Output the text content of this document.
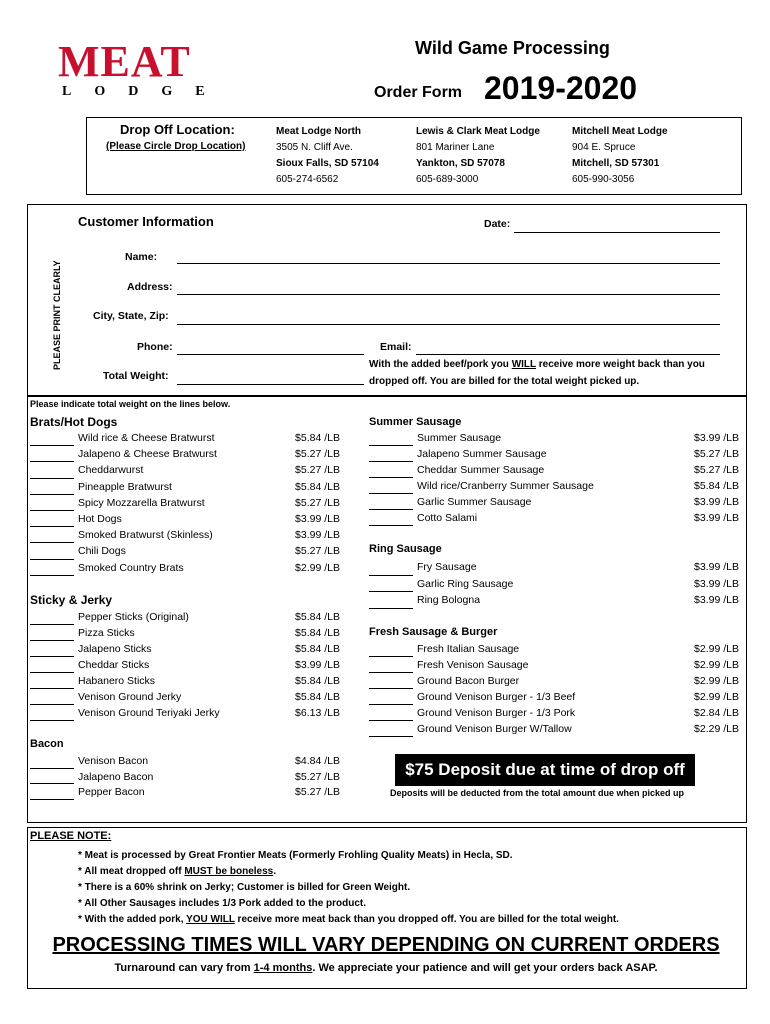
MEAT
LODGE
Wild Game Processing
Order Form 2019-2020
Drop Off Location:
(Please Circle Drop Location)
Meat Lodge North
3505 N. Cliff Ave.
Sioux Falls, SD 57104
605-274-6562
Lewis & Clark Meat Lodge
801 Mariner Lane
Yankton, SD 57078
605-689-3000
Mitchell Meat Lodge
904 E. Spruce
Mitchell, SD 57301
605-990-3056
PLEASE PRINT CLEARLY
Customer Information	Date:
Name:
Address:
City, State, Zip:
Phone:	Email:
Total Weight:
With the added beef/pork you WILL receive more weight back than you
dropped off. You are billed for the total weight picked up.
Please indicate total weight on the lines below.
Brats/Hot Dogs
Wild rice & Cheese Bratwurst	$5.84 /LB
Jalapeno & Cheese Bratwurst	$5.27 /LB
Cheddarwurst	$5.27 /LB
Pineapple Bratwurst	$5.84 /LB
Spicy Mozzarella Bratwurst	$5.27 /LB
Hot Dogs	$3.99 /LB
Smoked Bratwurst (Skinless)	$3.99 /LB
Chili Dogs	$5.27 /LB
Smoked Country Brats	$2.99 /LB
Sticky & Jerky
Pepper Sticks (Original)	$5.84 /LB
Pizza Sticks	$5.84 /LB
Jalapeno Sticks	$5.84 /LB
Cheddar Sticks	$3.99 /LB
Habanero Sticks	$5.84 /LB
Venison Ground Jerky	$5.84 /LB
Venison Ground Teriyaki Jerky	$6.13 /LB
Bacon
Venison Bacon	$4.84 /LB
Jalapeno Bacon	$5.27 /LB
Pepper Bacon	$5.27 /LB
Summer Sausage
Summer Sausage	$3.99 /LB
Jalapeno Summer Sausage	$5.27 /LB
Cheddar Summer Sausage	$5.27 /LB
Wild rice/Cranberry Summer Sausage	$5.84 /LB
Garlic Summer Sausage	$3.99 /LB
Cotto Salami	$3.99 /LB
Ring Sausage
Fry Sausage	$3.99 /LB
Garlic Ring Sausage	$3.99 /LB
Ring Bologna	$3.99 /LB
Fresh Sausage & Burger
Fresh Italian Sausage	$2.99 /LB
Fresh Venison Sausage	$2.99 /LB
Ground Bacon Burger	$2.99 /LB
Ground Venison Burger - 1/3 Beef	$2.99 /LB
Ground Venison Burger - 1/3 Pork	$2.84 /LB
Ground Venison Burger W/Tallow	$2.29 /LB
$75 Deposit due at time of drop off
Deposits will be deducted from the total amount due when picked up
PLEASE NOTE:
* Meat is processed by Great Frontier Meats (Formerly Frohling Quality Meats) in Hecla, SD.
* All meat dropped off MUST be boneless.
* There is a 60% shrink on Jerky; Customer is billed for Green Weight.
* All Other Sausages includes 1/3 Pork added to the product.
* With the added pork, YOU WILL receive more meat back than you dropped off. You are billed for the total weight.
PROCESSING TIMES WILL VARY DEPENDING ON CURRENT ORDERS
Turnaround can vary from 1-4 months. We appreciate your patience and will get your orders back ASAP.
